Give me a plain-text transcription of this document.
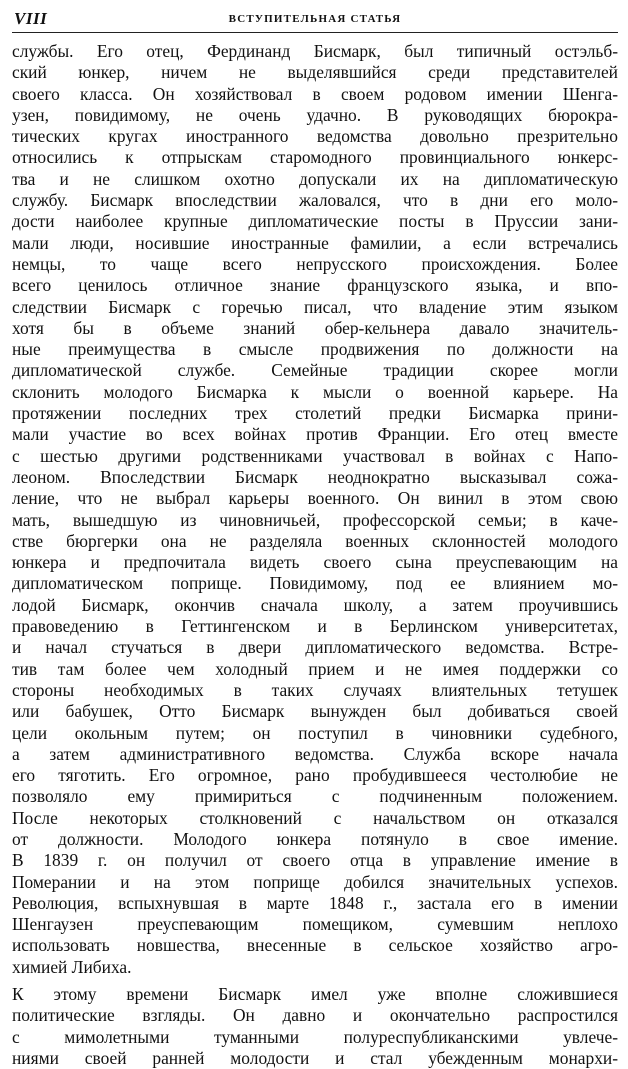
VIII	ВСТУПИТЕЛЬНАЯ СТАТЬЯ
службы. Его отец, Фердинанд Бисмарк, был типичный остэльб-
ский юнкер, ничем не выделявшийся среди представителей
своего класса. Он хозяйствовал в своем родовом имении Шенга-
узен, повидимому, не очень удачно. В руководящих бюрокра-
тических кругах иностранного ведомства довольно презрительно
относились к отпрыскам старомодного провинциального юнкерс-
тва и не слишком охотно допускали их на дипломатическую
службу. Бисмарк впоследствии жаловался, что в дни его моло-
дости наиболее крупные дипломатические посты в Пруссии зани-
мали люди, носившие иностранные фамилии, а если встречались
немцы, то чаще всего непрусского происхождения. Более
всего ценилось отличное знание французского языка, и впо-
следствии Бисмарк с горечью писал, что владение этим языком
хотя бы в объеме знаний обер-кельнера давало значитель-
ные преимущества в смысле продвижения по должности на
дипломатической службе. Семейные традиции скорее могли
склонить молодого Бисмарка к мысли о военной карьере. На
протяжении последних трех столетий предки Бисмарка прини-
мали участие во всех войнах против Франции. Его отец вместе
с шестью другими родственниками участвовал в войнах с Напо-
леоном. Впоследствии Бисмарк неоднократно высказывал сожа-
ление, что не выбрал карьеры военного. Он винил в этом свою
мать, вышедшую из чиновничьей, профессорской семьи; в каче-
стве бюргерки она не разделяла военных склонностей молодого
юнкера и предпочитала видеть своего сына преуспевающим на
дипломатическом поприще. Повидимому, под ее влиянием мо-
лодой Бисмарк, окончив сначала школу, а затем проучившись
правоведению в Геттингенском и в Берлинском университетах,
и начал стучаться в двери дипломатического ведомства. Встре-
тив там более чем холодный прием и не имея поддержки со
стороны необходимых в таких случаях влиятельных тетушек
или бабушек, Отто Бисмарк вынужден был добиваться своей
цели окольным путем; он поступил в чиновники судебного,
а затем административного ведомства. Служба вскоре начала
его тяготить. Его огромное, рано пробудившееся честолюбие не
позволяло ему примириться с подчиненным положением.
После некоторых столкновений с начальством он отказался
от должности. Молодого юнкера потянуло в свое имение.
В 1839 г. он получил от своего отца в управление имение в
Померании и на этом поприще добился значительных успехов.
Революция, вспыхнувшая в марте 1848 г., застала его в имении
Шенгаузен преуспевающим помещиком, сумевшим неплохо
использовать новшества, внесенные в сельское хозяйство агро-
химией Либиха.
К этому времени Бисмарк имел уже вполне сложившиеся
политические взгляды. Он давно и окончательно распростился
с мимолетными туманными полуреспубликанскими увлече-
ниями своей ранней молодости и стал убежденным монархи-
